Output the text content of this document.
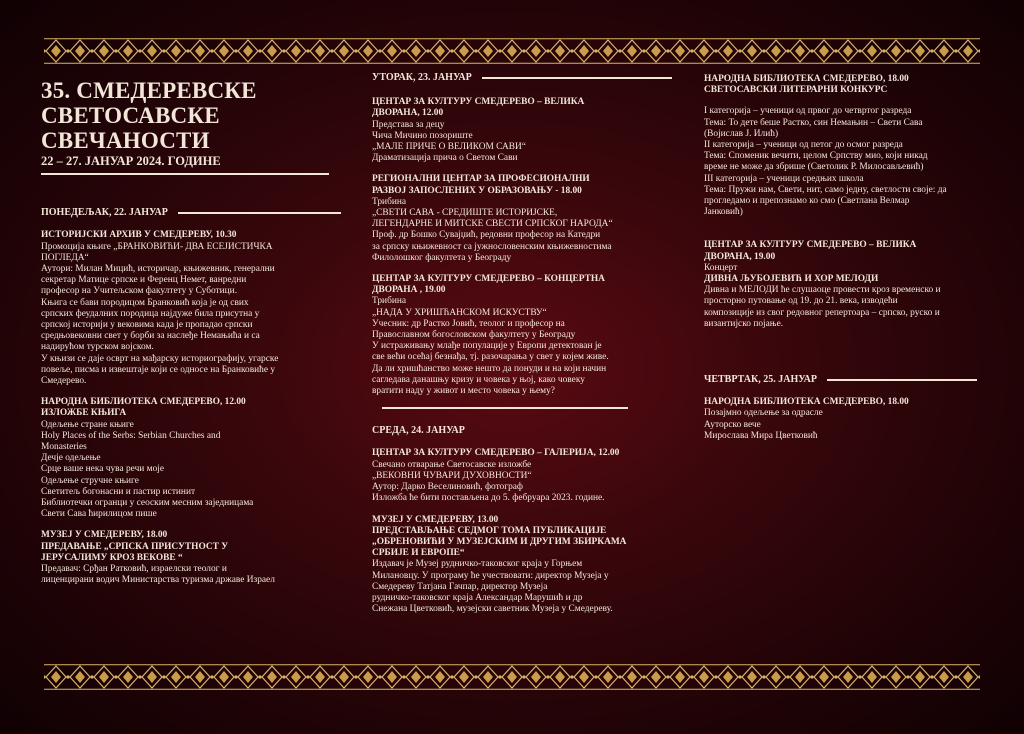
35. СМЕДЕРЕВСКЕ
СВЕТОСАВСКЕ
СВЕЧАНОСТИ
22 – 27. ЈАНУАР 2024. ГОДИНЕ
ПОНЕДЕЉАК, 22. ЈАНУАР
ИСТОРИЈСКИ АРХИВ У СМЕДЕРЕВУ, 10.30
Промоција књиге „БРАНКОВИЋИ- ДВА ЕСЕЈИСТИЧКА
ПОГЛЕДА“
Аутори: Милан Мицић, историчар, књижевник, генерални
секретар Матице српске и Ференц Немет, ванредни
професор на Учитељском факултету у Суботици.
Књига се бави породицом Бранковић која је од свих
српских феудалних породица најдуже била присутна у
српској историји у вековима када је пропадао српски
средњовековни свет у борби за наслеђе Немањића и са
надирућом турском војском.
У књизи се даје осврт на мађарску историографију, угарске
повеље, писма и извештаје који се односе на Бранковиће у
Смедерево.
НАРОДНА БИБЛИОТЕКА СМЕДЕРЕВО, 12.00
ИЗЛОЖБЕ КЊИГА
Одељење стране књиге
Holy Places of the Serbs: Serbian Churches and
Monasteries
Дечје одељење
Срце ваше нека чува речи моје
Одељење стручне књиге
Светитељ богонасни и пастир истинит
Библиотечки огранци у сеоским месним заједницама
Свети Сава ћирилицом пише
МУЗЕЈ У СМЕДЕРЕВУ, 18.00
ПРЕДАВАЊЕ „СРПСКА ПРИСУТНОСТ У
ЈЕРУСАЛИМУ КРОЗ ВЕКОВЕ “
Предавач: Срђан Ратковић, израелски теолог и
лиценцирани водич Министарства туризма државе Израел
УТОРАК, 23. ЈАНУАР
ЦЕНТАР ЗА КУЛТУРУ СМЕДЕРЕВО – ВЕЛИКА
ДВОРАНА, 12.00
Представа за децу
Чича Мичино позориште
„МАЛЕ ПРИЧЕ О ВЕЛИКОМ САВИ“
Драматизација прича о Светом Сави
РЕГИОНАЛНИ ЦЕНТАР ЗА ПРОФЕСИОНАЛНИ
РАЗВОЈ ЗАПОСЛЕНИХ У ОБРАЗОВАЊУ - 18.00
Трибина
„СВЕТИ САВА - СРЕДИШТЕ ИСТОРИЈСКЕ,
ЛЕГЕНДАРНЕ И МИТСКЕ СВЕСТИ СРПСКОГ НАРОДА“
Проф. др Бошко Сувајџић, редовни професор на Катедри
за српску књижевност са јужнословенским књижевностима
Филолошког факултета у Београду
ЦЕНТАР ЗА КУЛТУРУ СМЕДЕРЕВО – КОНЦЕРТНА
ДВОРАНА , 19.00
Трибина
„НАДА У ХРИШЋАНСКОМ ИСКУСТВУ“
Учесник: др Растко Јовић, теолог и професор на
Православном богословском факултету у Београду
У истраживању млађе популације у Европи детектован је
све већи осећај безнађа, тј. разочарања у свет у којем живе.
Да ли хришћанство може нешто да понуди и на који начин
сагледава данашњу кризу и човека у њој, како човеку
вратити наду у живот и место човека у њему?
СРЕДА, 24. ЈАНУАР
ЦЕНТАР ЗА КУЛТУРУ СМЕДЕРЕВО – ГАЛЕРИЈА, 12.00
Свечано отварање Светосавске изложбе
„ВЕКОВНИ ЧУВАРИ ДУХОВНОСТИ“
Аутор: Дарко Веселиновић, фотограф
Изложба ће бити постављена до 5. фебруара 2023. године.
МУЗЕЈ У СМЕДЕРЕВУ, 13.00
ПРЕДСТАВЉАЊЕ СЕДМОГ ТОМА ПУБЛИКАЦИЈЕ
„ОБРЕНОВИЋИ У МУЗЕЈСКИМ И ДРУГИМ ЗБИРКАМА
СРБИЈЕ И ЕВРОПЕ“
Издавач је Музеј рудничко-таковског краја у Горњем
Милановцу. У програму ће учествовати: директор Музеја у
Смедереву Татјана Гачпар, директор Музеја
рудничко-таковског краја Александар Марушић и др
Снежана Цветковић, музејски саветник Музеја у Смедереву.
НАРОДНА БИБЛИОТЕКА СМЕДЕРЕВО, 18.00
СВЕТОСАВСКИ ЛИТЕРАРНИ КОНКУРС
I категорија – ученици од првог до четвртог разреда
Тема: То дете беше Растко, син Немањин – Свети Сава
(Војислав Ј. Илић)
II категорија – ученици од петог до осмог разреда
Тема: Споменик вечити, целом Српству мио, који никад
време не може да збрише (Светолик Р. Милосављевић)
III категорија – ученици средњих школа
Тема: Пружи нам, Свети, нит, само једну, светлости своје: да
проглeдамо и препознамо ко смо (Светлана Велмар
Јанковић)
ЦЕНТАР ЗА КУЛТУРУ СМЕДЕРЕВО – ВЕЛИКА
ДВОРАНА, 19.00
Концерт
ДИВНА ЉУБОЈЕВИЋ И ХОР МЕЛОДИ
Дивна и МЕЛОДИ ће слушаоце провести кроз временско и
просторно путовање од 19. до 21. века, изводећи
композиције из свог редовног репертоара – српско, руско и
византијско појање.
ЧЕТВРТАК, 25. ЈАНУАР
НАРОДНА БИБЛИОТЕКА СМЕДЕРЕВО, 18.00
Позајмно одељење за одрасле
Ауторско вече
Мирослава Мира Цветковић
